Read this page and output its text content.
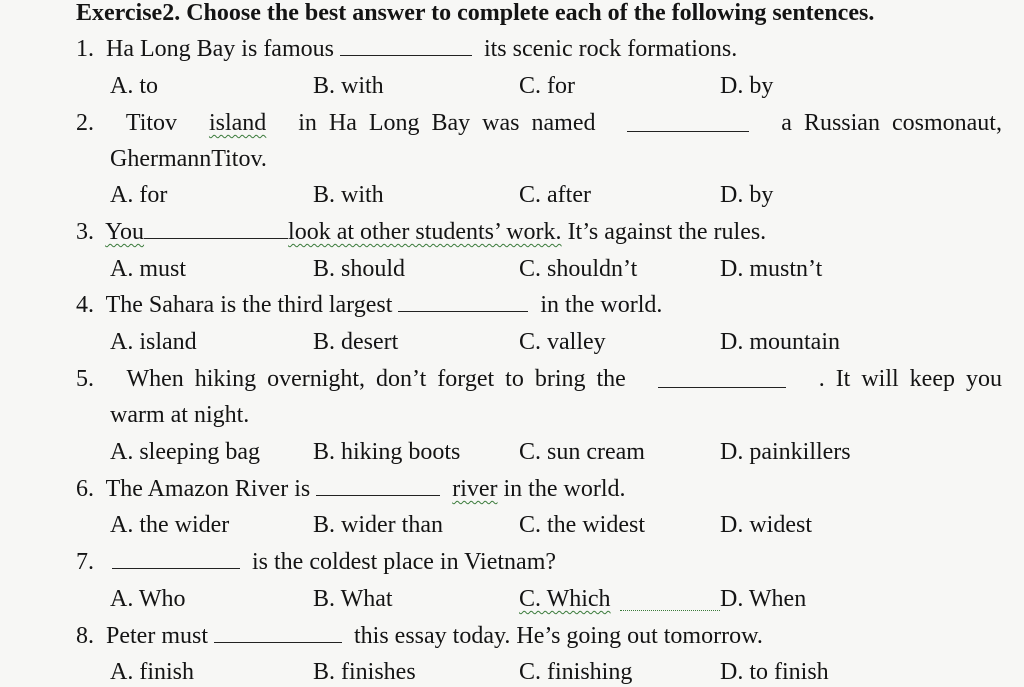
Exercise2. Choose the best answer to complete each of the following sentences.
1. Ha Long Bay is famous	its scenic rock formations.
A. to	B. with	C. for	D. by
2. Titov island in Ha Long Bay was named	a Russian cosmonaut,
GhermannTitov.
A. for	B. with	C. after	D. by
3. You	look at other students’ work. It’s against the rules.
A. must	B. should	C. shouldn’t	D. mustn’t
4. The Sahara is the third largest	in the world.
A. island	B. desert	C. valley	D. mountain
5. When hiking overnight, don’t forget to bring the	. It will keep you
warm at night.
A. sleeping bag B. hiking boots C. sun cream	D. painkillers
6. The Amazon River is	river in the world.
A. the wider	B. wider than	C. the widest	D. widest
7.	is the coldest place in Vietnam?
A. Who	B. What	C. Which	D. When
8. Peter must	this essay today. He’s going out tomorrow.
A. finish	B. finishes	C. finishing	D. to finish
